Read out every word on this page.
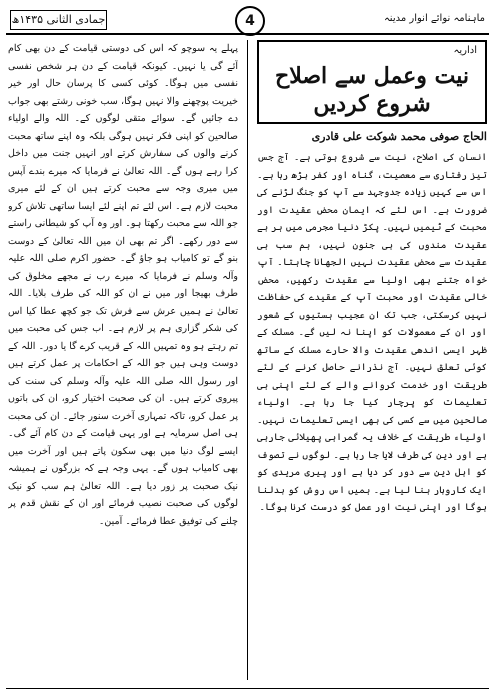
جمادی الثانی ۱۴۳۵ھ	4	ماہنامہ نوائے انوار مدینہ

پہلے یہ سوچو کہ اس کی دوستی قیامت کے دن بھی کام آئے گی یا نہیں۔ کیونکہ قیامت کے دن ہر شخص نفسی نفسی میں ہوگا۔ کوئی کسی کا پرسان حال اور خیر خیریت پوچھنے والا نہیں ہوگا، سب خونی رشتے بھی جواب دے جائیں گے۔ سوائے متقی لوگوں کے۔ اللہ والے اولیاء صالحین کو اپنی فکر نہیں ہوگی بلکہ وہ اپنے ساتھ محبت کرنے والوں کی سفارش کرتے اور انہیں جنت میں داخل کرا رہے ہوں گے۔ اللہ تعالیٰ نے فرمایا کہ میرے بندے آپس میں میری وجہ سے محبت کرتے ہیں ان کے لئے میری محبت لازم ہے۔ اس لئے تم اپنے لئے ایسا ساتھی تلاش کرو جو اللہ سے محبت رکھتا ہو۔ اور وہ آپ کو شیطانی راستے سے دور رکھے۔ اگر تم بھی ان میں اللہ تعالیٰ کے دوست بنو گے تو کامیاب ہو جاؤ گے۔ حضور اکرم صلی اللہ علیہ وآلہ وسلم نے فرمایا کہ میرے رب نے مجھے مخلوق کی طرف بھیجا اور میں نے ان کو اللہ کی طرف بلایا۔ اللہ تعالیٰ نے ہمیں عرش سے فرش تک جو کچھ عطا کیا اس کی شکر گزاری ہم پر لازم ہے۔ اب جس کی محبت میں تم رہتے ہو وہ تمہیں اللہ کے قریب کرے گا یا دور۔ اللہ کے دوست وہی ہیں جو اللہ کے احکامات پر عمل کرتے ہیں اور رسول اللہ صلی اللہ علیہ وآلہ وسلم کی سنت کی پیروی کرتے ہیں۔ ان کی صحبت اختیار کرو، ان کی باتوں پر عمل کرو، تاکہ تمہاری آخرت سنور جائے۔ ان کی محبت ہی اصل سرمایہ ہے اور یہی قیامت کے دن کام آئے گی۔ ایسے لوگ دنیا میں بھی سکون پاتے ہیں اور آخرت میں بھی کامیاب ہوں گے۔ یہی وجہ ہے کہ بزرگوں نے ہمیشہ نیک صحبت پر زور دیا ہے۔ اللہ تعالیٰ ہم سب کو نیک لوگوں کی صحبت نصیب فرمائے اور ان کے نقش قدم پر چلنے کی توفیق عطا فرمائے۔ آمین۔

اداریہ
نیت وعمل سے اصلاح شروع کردیں
الحاج صوفی محمد شوکت علی قادری

انسان کی اصلاح، نیت سے شروع ہوتی ہے۔ آج جس تیز رفتاری سے معصیت، گناہ اور کفر بڑھ رہا ہے۔ اس سے کہیں زیادہ جدوجہد سے آپ کو جنگ لڑنے کی ضرورت ہے۔ اس لئے کہ ایمان محض عقیدت اور محبت کے ٹیمیں نہیں۔ پکڑ دنیا مجرمی میں ہر بے عقیدت مندوں کی ہی جنون نہیں، ہم سب ہی عقیدت سے محض عقیدت نہیں الجھانا چاہتا۔ آپ خواہ جتنے بھی اولیا سے عقیدت رکھیں، محض خالی عقیدت اور محبت آپ کے عقیدے کی حفاظت نہیں کرسکتی، جب تک ان عجیب ہستیوں کے شعور اور ان کے معمولات کو اپنا نہ لیں گے۔ مسلک کے ظہر ایسی اندھی عقیدت والا حارے مسلک کے ساتھ کوئی تعلق نہیں۔ آج نذرانے حاصل کرنے کے لئے طریقت اور خدمت کروانے والے کے لئے اپنی ہی تعلیمات کو پرچار کیا جا رہا ہے۔ اولیاء صالحین میں سے کسی کی بھی ایسی تعلیمات نہیں۔ اولیاء طریقت کے خلاف یہ گمراہی پھیلائی جارہی ہے اور دین کی طرف لایا جا رہا ہے۔ لوگوں نے تصوف کو اہل دین سے دور کر دیا ہے اور پیری مریدی کو ایک کاروبار بنا لیا ہے۔ ہمیں اس روش کو بدلنا ہوگا اور اپنی نیت اور عمل کو درست کرنا ہوگا۔
